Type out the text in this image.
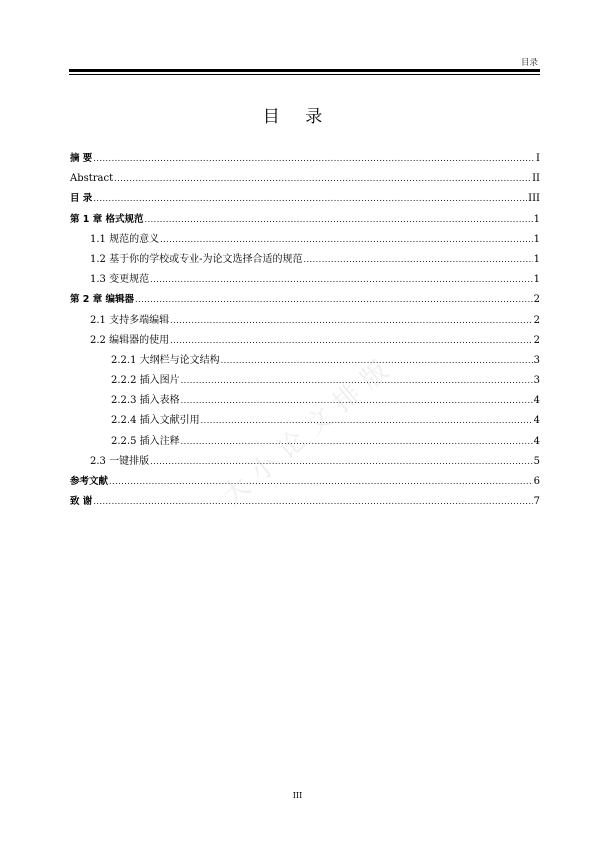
目录
目 录
摘 要 .....	I
Abstract .....	II
目 录 .....	III
第 1 章 格式规范 .....	1
1.1 规范的意义 .....	1
1.2 基于你的学校或专业-为论文选择合适的规范 .....	1
1.3 变更规范 .....	1
第 2 章 编辑器 .....	2
2.1 支持多端编辑 .....	2
2.2 编辑器的使用 .....	2
2.2.1 大纲栏与论文结构 .....	3
2.2.2 插入图片 .....	3
2.2.3 插入表格 .....	4
2.2.4 插入文献引用 .....	4
2.2.5 插入注释 .....	4
2.3 一键排版 .....	5
参考文献 .....	6
致 谢 .....	7
大小论文排版
III
